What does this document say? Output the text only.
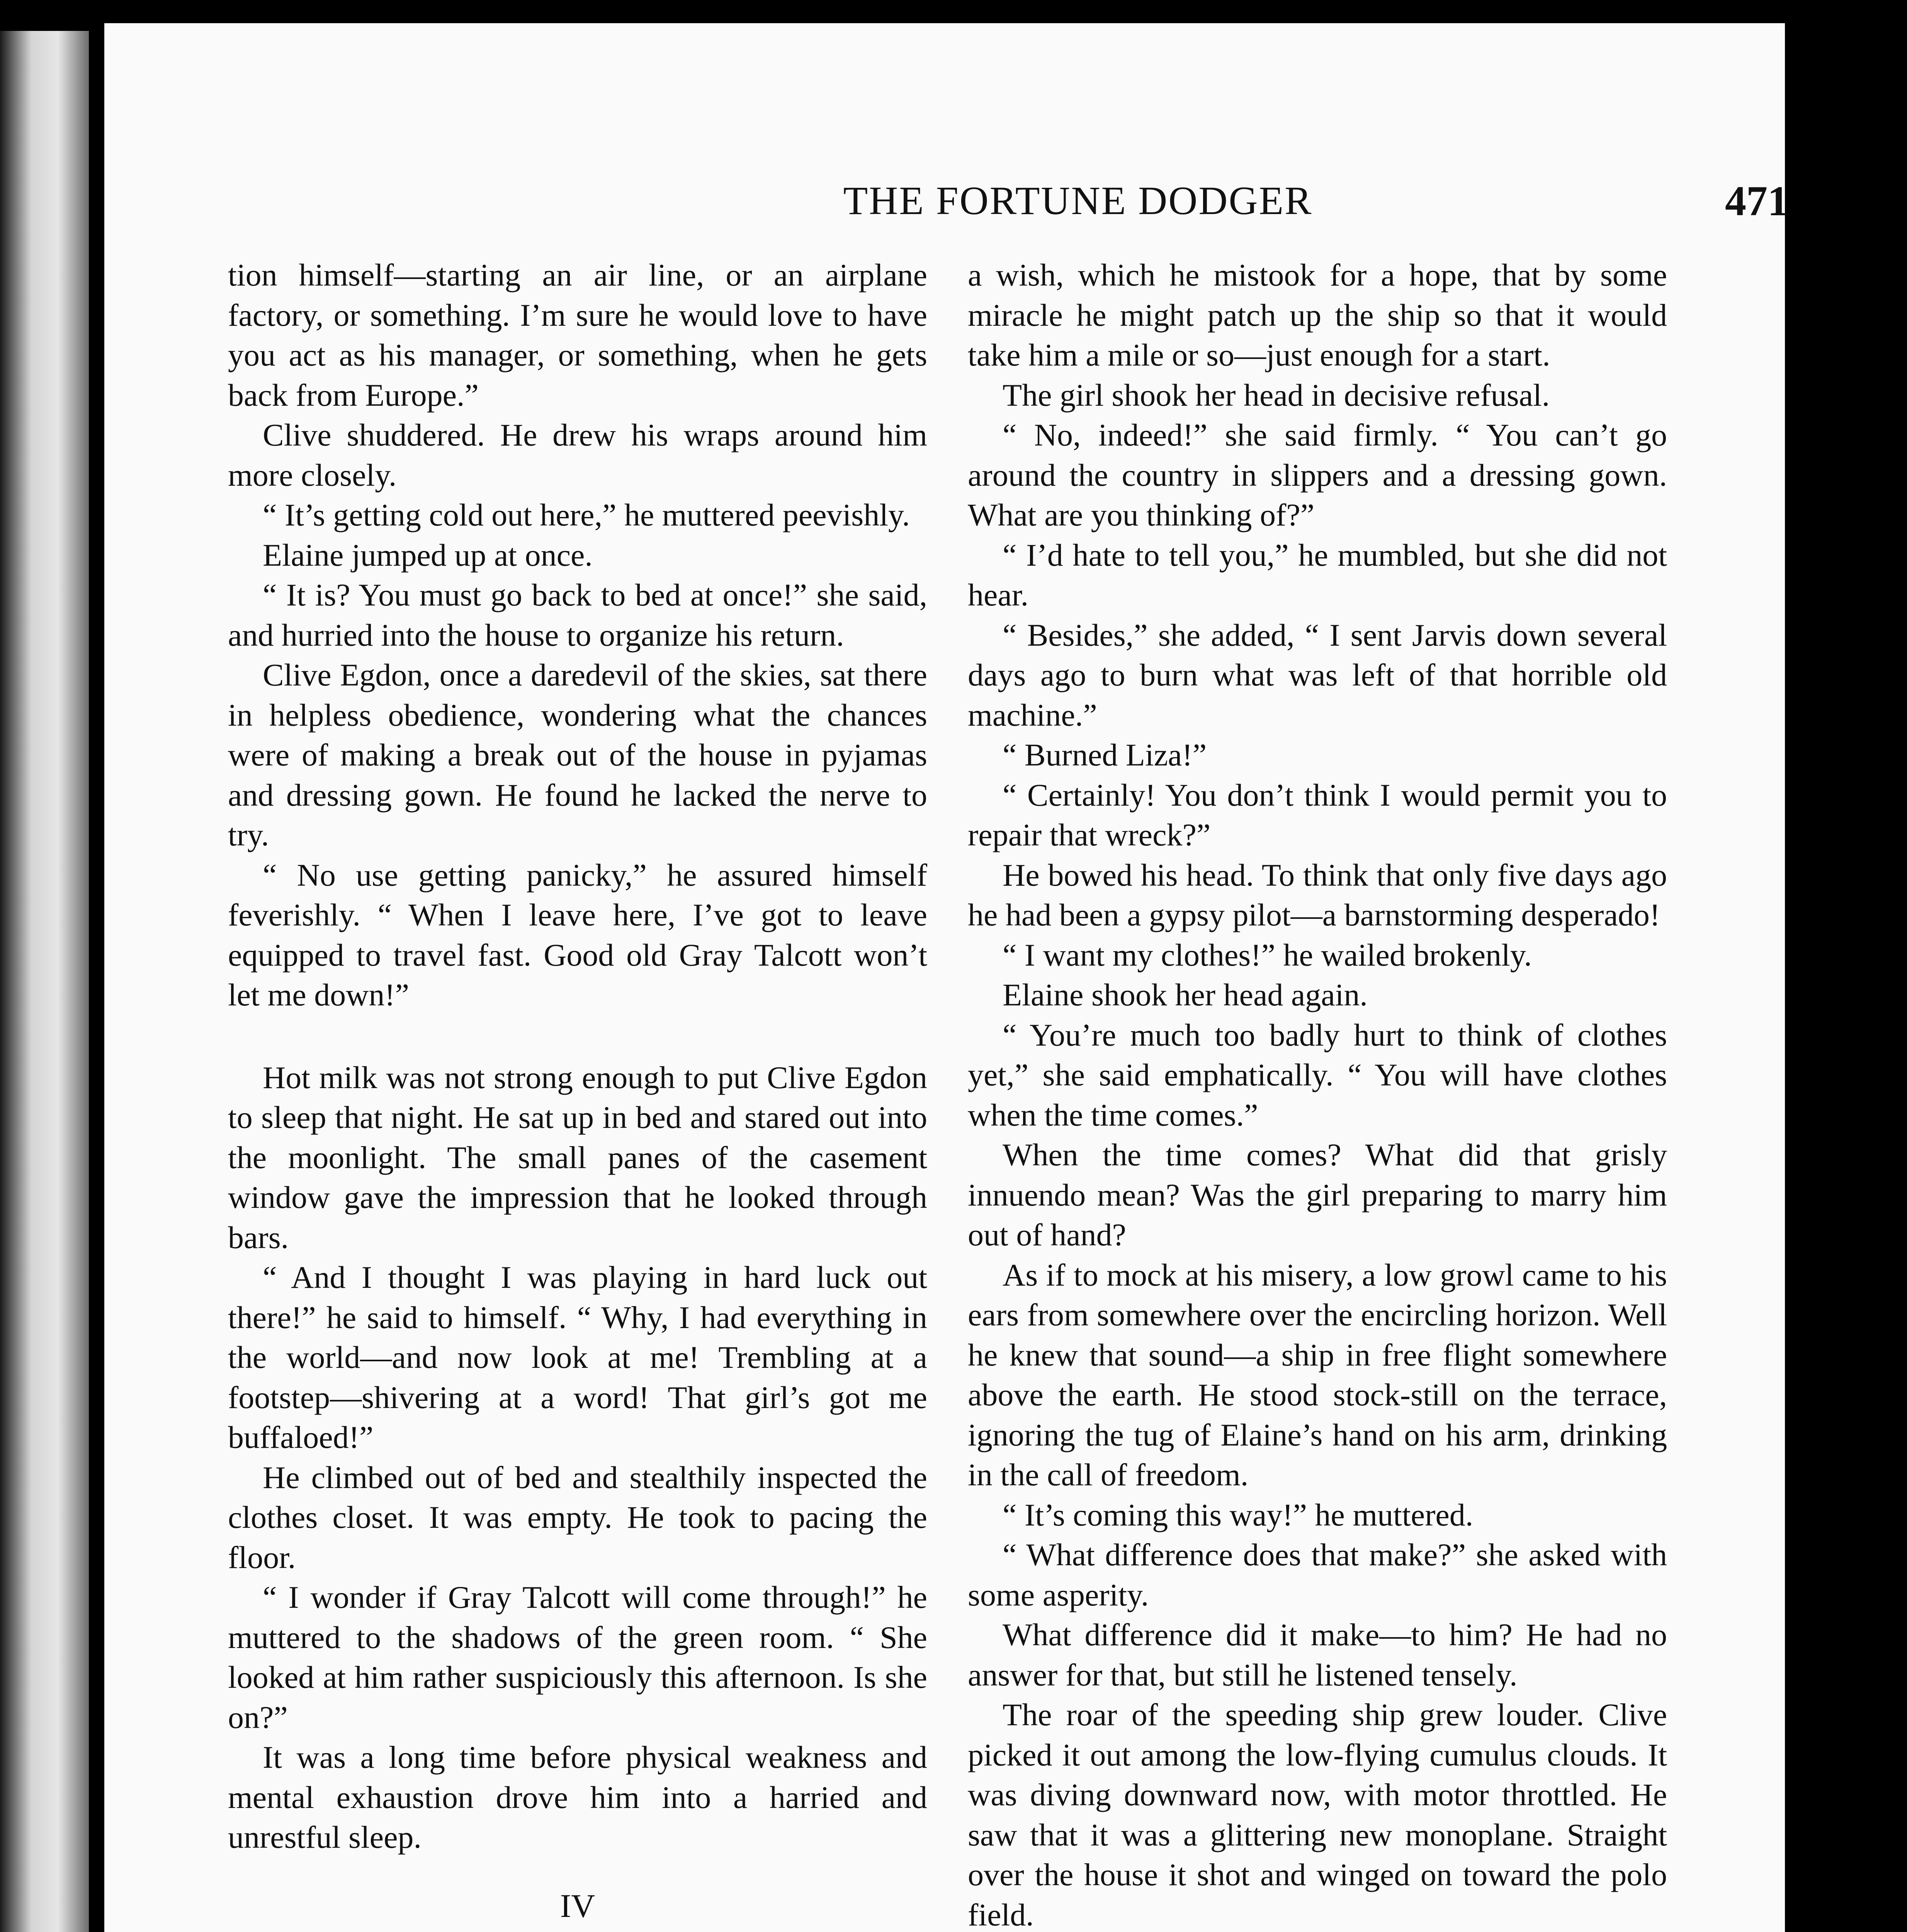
THE FORTUNE DODGER	471

tion himself—starting an air line, or an airplane factory, or something. I’m sure he would love to have you act as his manager, or something, when he gets back from Europe.”

Clive shuddered. He drew his wraps around him more closely.

“ It’s getting cold out here,” he muttered peevishly.

Elaine jumped up at once.

“ It is? You must go back to bed at once!” she said, and hurried into the house to organize his return.

Clive Egdon, once a daredevil of the skies, sat there in helpless obedience, wondering what the chances were of making a break out of the house in pyjamas and dressing gown. He found he lacked the nerve to try.

“ No use getting panicky,” he assured himself feverishly. “ When I leave here, I’ve got to leave equipped to travel fast. Good old Gray Talcott won’t let me down!”

Hot milk was not strong enough to put Clive Egdon to sleep that night. He sat up in bed and stared out into the moonlight. The small panes of the casement window gave the impression that he looked through bars.

“ And I thought I was playing in hard luck out there!” he said to himself. “ Why, I had everything in the world—and now look at me! Trembling at a footstep—shivering at a word! That girl’s got me buffaloed!”

He climbed out of bed and stealthily inspected the clothes closet. It was empty. He took to pacing the floor.

“ I wonder if Gray Talcott will come through!” he muttered to the shadows of the green room. “ She looked at him rather suspiciously this afternoon. Is she on?”

It was a long time before physical weakness and mental exhaustion drove him into a harried and unrestful sleep.

IV

a wish, which he mistook for a hope, that by some miracle he might patch up the ship so that it would take him a mile or so—just enough for a start.

The girl shook her head in decisive refusal.

“ No, indeed!” she said firmly. “ You can’t go around the country in slippers and a dressing gown. What are you thinking of?”

“ I’d hate to tell you,” he mumbled, but she did not hear.

“ Besides,” she added, “ I sent Jarvis down several days ago to burn what was left of that horrible old machine.”

“ Burned Liza!”

“ Certainly! You don’t think I would permit you to repair that wreck?”

He bowed his head. To think that only five days ago he had been a gypsy pilot—a barnstorming desperado!

“ I want my clothes!” he wailed brokenly.

Elaine shook her head again.

“ You’re much too badly hurt to think of clothes yet,” she said emphatically. “ You will have clothes when the time comes.”

When the time comes? What did that grisly innuendo mean? Was the girl preparing to marry him out of hand?

As if to mock at his misery, a low growl came to his ears from somewhere over the encircling horizon. Well he knew that sound—a ship in free flight somewhere above the earth. He stood stock-still on the terrace, ignoring the tug of Elaine’s hand on his arm, drinking in the call of freedom.

“ It’s coming this way!” he muttered.

“ What difference does that make?” she asked with some asperity.

What difference did it make—to him? He had no answer for that, but still he listened tensely.

The roar of the speeding ship grew louder. Clive picked it out among the low-flying cumulus clouds. It was diving downward now, with motor throttled. He saw that it was a glittering new monoplane. Straight over the house it shot and winged on toward the polo field.
